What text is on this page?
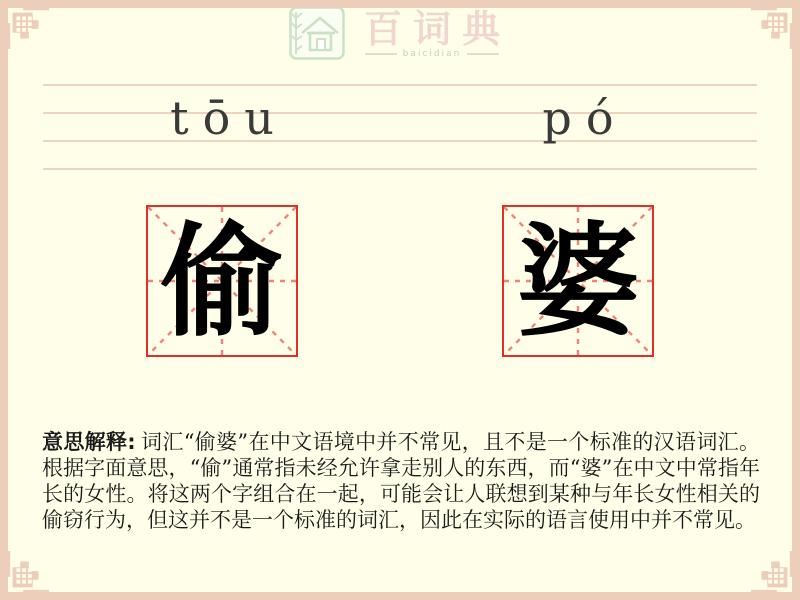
百词典
baicidian
tōu	pó
偷 婆

意思解释: 词汇“偷婆”在中文语境中并不常见，且不是一个标准的汉语词汇。根据字面意思，“偷”通常指未经允许拿走别人的东西，而“婆”在中文中常指年长的女性。将这两个字组合在一起，可能会让人联想到某种与年长女性相关的偷窃行为，但这并不是一个标准的词汇，因此在实际的语言使用中并不常见。
